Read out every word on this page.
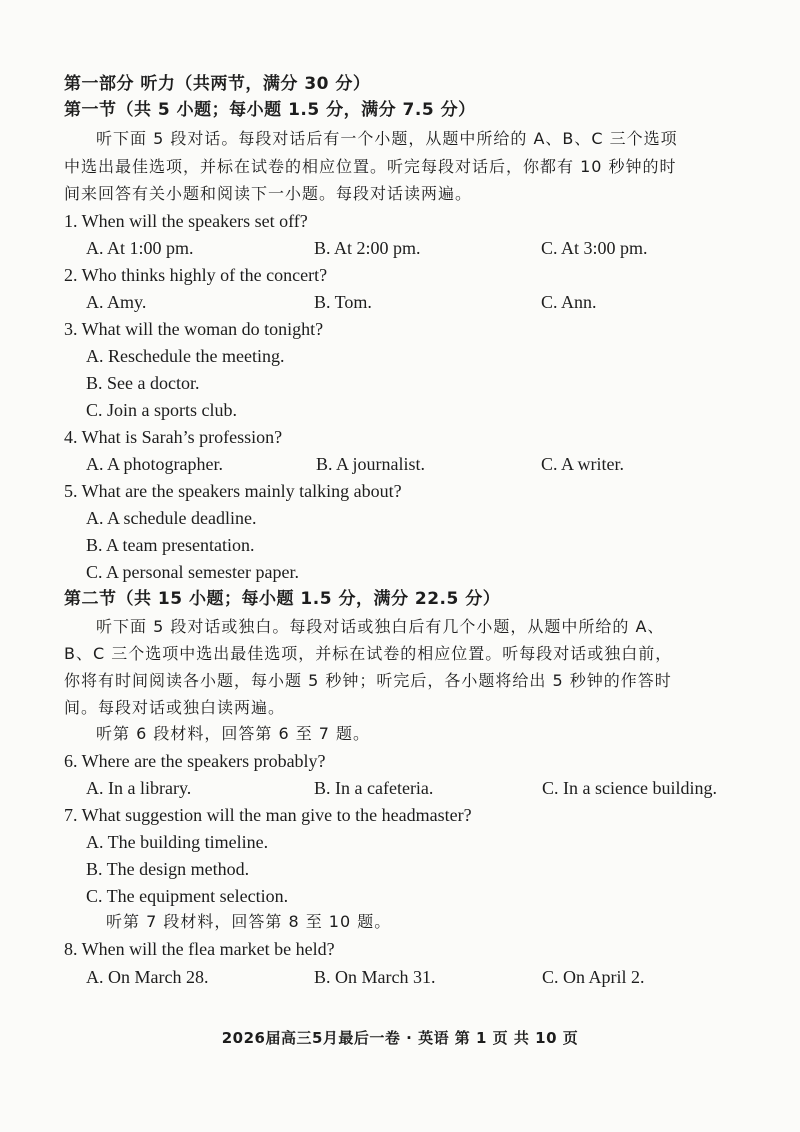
第一部分 听力（共两节，满分 30 分）
第一节（共 5 小题；每小题 1.5 分，满分 7.5 分）
听下面 5 段对话。每段对话后有一个小题，从题中所给的 A、B、C 三个选项
中选出最佳选项，并标在试卷的相应位置。听完每段对话后，你都有 10 秒钟的时
间来回答有关小题和阅读下一小题。每段对话读两遍。
1. When will the speakers set off?
A. At 1:00 pm.	B. At 2:00 pm.	C. At 3:00 pm.
2. Who thinks highly of the concert?
A. Amy.	B. Tom.	C. Ann.
3. What will the woman do tonight?
A. Reschedule the meeting.
B. See a doctor.
C. Join a sports club.
4. What is Sarah’s profession?
A. A photographer.	B. A journalist.	C. A writer.
5. What are the speakers mainly talking about?
A. A schedule deadline.
B. A team presentation.
C. A personal semester paper.
第二节（共 15 小题；每小题 1.5 分，满分 22.5 分）
听下面 5 段对话或独白。每段对话或独白后有几个小题，从题中所给的 A、
B、C 三个选项中选出最佳选项，并标在试卷的相应位置。听每段对话或独白前，
你将有时间阅读各小题，每小题 5 秒钟；听完后，各小题将给出 5 秒钟的作答时
间。每段对话或独白读两遍。
听第 6 段材料，回答第 6 至 7 题。
6. Where are the speakers probably?
A. In a library.	B. In a cafeteria.	C. In a science building.
7. What suggestion will the man give to the headmaster?
A. The building timeline.
B. The design method.
C. The equipment selection.
听第 7 段材料，回答第 8 至 10 题。
8. When will the flea market be held?
A. On March 28.	B. On March 31.	C. On April 2.
2026届高三5月最后一卷 · 英语 第 1 页 共 10 页
